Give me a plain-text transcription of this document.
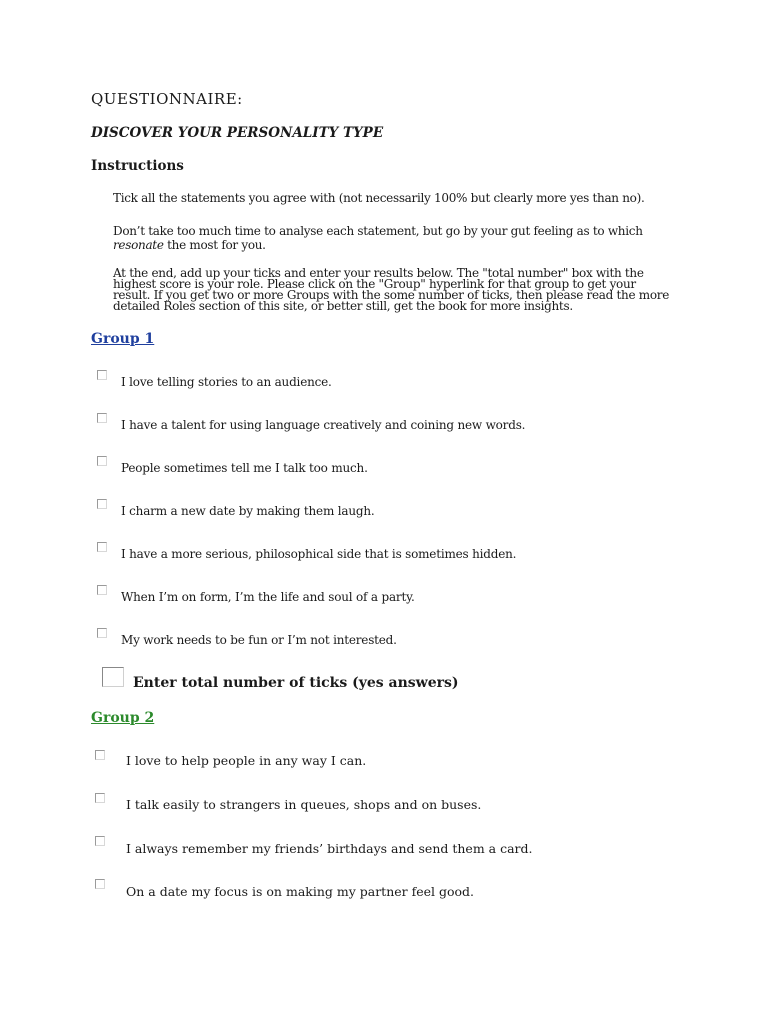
QUESTIONNAIRE:
DISCOVER YOUR PERSONALITY TYPE
Instructions
Tick all the statements you agree with (not necessarily 100% but clearly more yes than no).
Don’t take too much time to analyse each statement, but go by your gut feeling as to which resonate the most for you.
At the end, add up your ticks and enter your results below. The "total number" box with the highest score is your role. Please click on the "Group" hyperlink for that group to get your result. If you get two or more Groups with the some number of ticks, then please read the more detailed Roles section of this site, or better still, get the book for more insights.
Group 1
I love telling stories to an audience.
I have a talent for using language creatively and coining new words.
People sometimes tell me I talk too much.
I charm a new date by making them laugh.
I have a more serious, philosophical side that is sometimes hidden.
When I’m on form, I’m the life and soul of a party.
My work needs to be fun or I’m not interested.
Enter total number of ticks (yes answers)
Group 2
I love to help people in any way I can.
I talk easily to strangers in queues, shops and on buses.
I always remember my friends’ birthdays and send them a card.
On a date my focus is on making my partner feel good.
